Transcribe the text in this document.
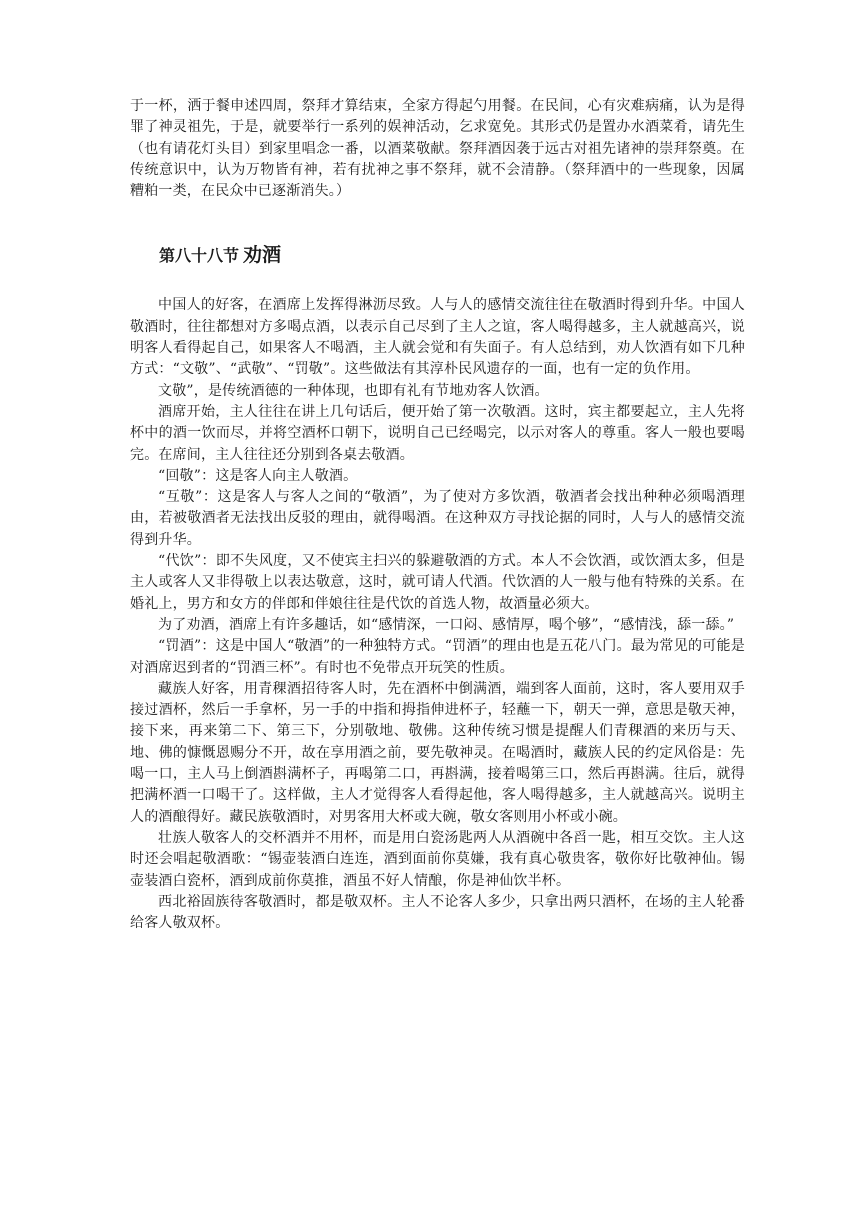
于一杯，洒于餐申述四周，祭拜才算结束，全家方得起勺用餐。在民间，心有灾难病痛，认为是得罪了神灵祖先，于是，就要举行一系列的娱神活动，乞求宽免。其形式仍是置办水酒菜肴，请先生（也有请花灯头目）到家里唱念一番，以酒菜敬献。祭拜酒因袭于远古对祖先诸神的崇拜祭奠。在传统意识中，认为万物皆有神，若有扰神之事不祭拜，就不会清静。（祭拜酒中的一些现象，因属糟粕一类，在民众中已逐渐消失。）

第八十八节 劝酒

中国人的好客，在酒席上发挥得淋沥尽致。人与人的感情交流往往在敬酒时得到升华。中国人敬酒时，往往都想对方多喝点酒，以表示自己尽到了主人之谊，客人喝得越多，主人就越高兴，说明客人看得起自己，如果客人不喝酒，主人就会觉和有失面子。有人总结到，劝人饮酒有如下几种方式：“文敬”、“武敬”、“罚敬”。这些做法有其淳朴民风遗存的一面，也有一定的负作用。

文敬”，是传统酒德的一种体现，也即有礼有节地劝客人饮酒。

酒席开始，主人往往在讲上几句话后，便开始了第一次敬酒。这时，宾主都要起立，主人先将杯中的酒一饮而尽，并将空酒杯口朝下，说明自己已经喝完，以示对客人的尊重。客人一般也要喝完。在席间，主人往往还分别到各桌去敬酒。

“回敬”：这是客人向主人敬酒。

“互敬”：这是客人与客人之间的“敬酒”，为了使对方多饮酒，敬酒者会找出种种必须喝酒理由，若被敬酒者无法找出反驳的理由，就得喝酒。在这种双方寻找论据的同时，人与人的感情交流得到升华。

“代饮”：即不失风度，又不使宾主扫兴的躲避敬酒的方式。本人不会饮酒，或饮酒太多，但是主人或客人又非得敬上以表达敬意，这时，就可请人代酒。代饮酒的人一般与他有特殊的关系。在婚礼上，男方和女方的伴郎和伴娘往往是代饮的首选人物，故酒量必须大。

为了劝酒，酒席上有许多趣话，如“感情深，一口闷、感情厚，喝个够”，“感情浅，舔一舔。”

“罚酒”：这是中国人“敬酒”的一种独特方式。“罚酒”的理由也是五花八门。最为常见的可能是对酒席迟到者的“罚酒三杯”。有时也不免带点开玩笑的性质。

藏族人好客，用青稞酒招待客人时，先在酒杯中倒满酒，端到客人面前，这时，客人要用双手接过酒杯，然后一手拿杯，另一手的中指和拇指伸进杯子，轻蘸一下，朝天一弹，意思是敬天神，接下来，再来第二下、第三下，分别敬地、敬佛。这种传统习惯是提醒人们青稞酒的来历与天、地、佛的慷慨恩赐分不开，故在享用酒之前，要先敬神灵。在喝酒时，藏族人民的约定风俗是：先喝一口，主人马上倒酒斟满杯子，再喝第二口，再斟满，接着喝第三口，然后再斟满。往后，就得把满杯酒一口喝干了。这样做，主人才觉得客人看得起他，客人喝得越多，主人就越高兴。说明主人的酒酿得好。藏民族敬酒时，对男客用大杯或大碗，敬女客则用小杯或小碗。

壮族人敬客人的交杯酒并不用杯，而是用白瓷汤匙两人从酒碗中各舀一匙，相互交饮。主人这时还会唱起敬酒歌：“锡壶装酒白连连，酒到面前你莫嫌，我有真心敬贵客，敬你好比敬神仙。锡壶装酒白瓷杯，酒到成前你莫推，酒虽不好人情酿，你是神仙饮半杯。

西北裕固族待客敬酒时，都是敬双杯。主人不论客人多少，只拿出两只酒杯，在场的主人轮番给客人敬双杯。
